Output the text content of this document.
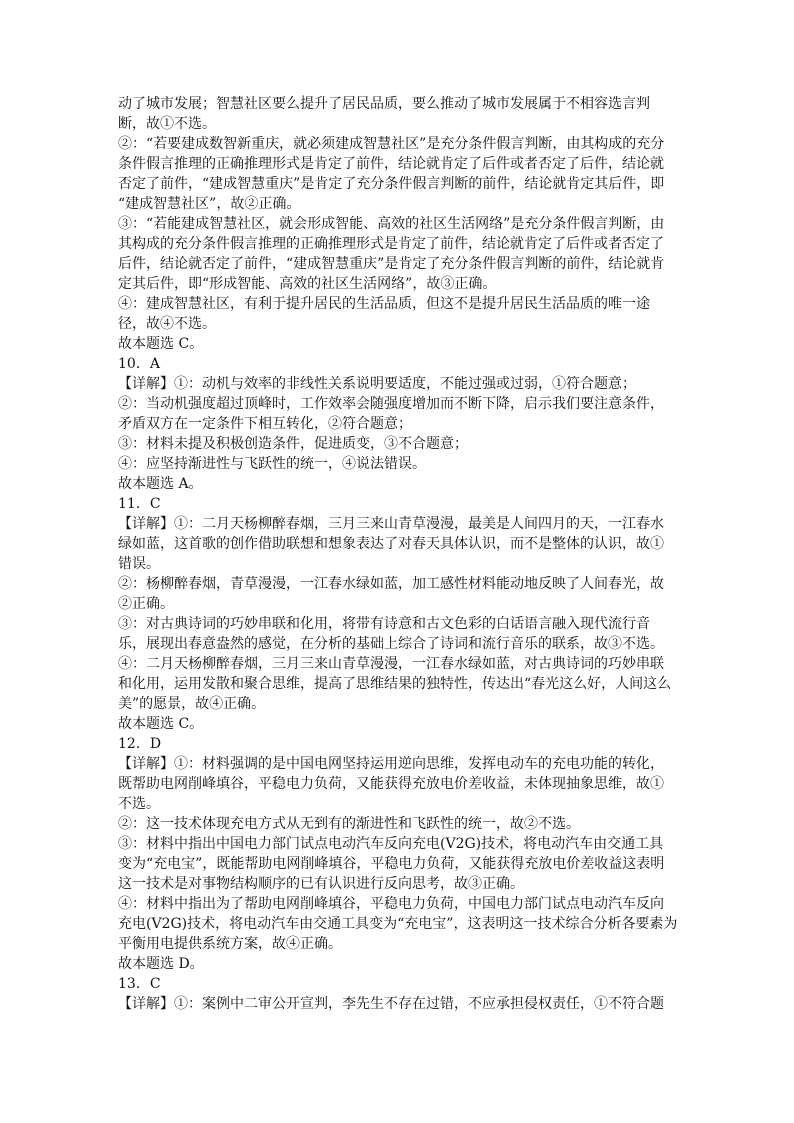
动了城市发展；智慧社区要么提升了居民品质，要么推动了城市发展属于不相容选言判
断，故①不选。
②：“若要建成数智新重庆，就必须建成智慧社区”是充分条件假言判断，由其构成的充分
条件假言推理的正确推理形式是肯定了前件，结论就肯定了后件或者否定了后件，结论就
否定了前件，“建成智慧重庆”是肯定了充分条件假言判断的前件，结论就肯定其后件，即
“建成智慧社区”，故②正确。
③：“若能建成智慧社区，就会形成智能、高效的社区生活网络”是充分条件假言判断，由
其构成的充分条件假言推理的正确推理形式是肯定了前件，结论就肯定了后件或者否定了
后件，结论就否定了前件，“建成智慧重庆”是肯定了充分条件假言判断的前件，结论就肯
定其后件，即“形成智能、高效的社区生活网络”，故③正确。
④：建成智慧社区，有利于提升居民的生活品质，但这不是提升居民生活品质的唯一途
径，故④不选。
故本题选 C。
10．A
【详解】①：动机与效率的非线性关系说明要适度，不能过强或过弱，①符合题意；
②：当动机强度超过顶峰时，工作效率会随强度增加而不断下降，启示我们要注意条件，
矛盾双方在一定条件下相互转化，②符合题意；
③：材料未提及积极创造条件，促进质变，③不合题意；
④：应坚持渐进性与飞跃性的统一，④说法错误。
故本题选 A。
11．C
【详解】①：二月天杨柳醉春烟，三月三来山青草漫漫，最美是人间四月的天，一江春水
绿如蓝，这首歌的创作借助联想和想象表达了对春天具体认识，而不是整体的认识，故①
错误。
②：杨柳醉春烟，青草漫漫，一江春水绿如蓝，加工感性材料能动地反映了人间春光，故
②正确。
③：对古典诗词的巧妙串联和化用，将带有诗意和古文色彩的白话语言融入现代流行音
乐，展现出春意盎然的感觉，在分析的基础上综合了诗词和流行音乐的联系，故③不选。
④：二月天杨柳醉春烟，三月三来山青草漫漫，一江春水绿如蓝，对古典诗词的巧妙串联
和化用，运用发散和聚合思维，提高了思维结果的独特性，传达出“春光这么好，人间这么
美”的愿景，故④正确。
故本题选 C。
12．D
【详解】①：材料强调的是中国电网坚持运用逆向思维，发挥电动车的充电功能的转化，
既帮助电网削峰填谷，平稳电力负荷，又能获得充放电价差收益，未体现抽象思维，故①
不选。
②：这一技术体现充电方式从无到有的渐进性和飞跃性的统一，故②不选。
③：材料中指出中国电力部门试点电动汽车反向充电(V2G)技术，将电动汽车由交通工具
变为“充电宝”，既能帮助电网削峰填谷，平稳电力负荷，又能获得充放电价差收益这表明
这一技术是对事物结构顺序的已有认识进行反向思考，故③正确。
④：材料中指出为了帮助电网削峰填谷，平稳电力负荷，中国电力部门试点电动汽车反向
充电(V2G)技术，将电动汽车由交通工具变为“充电宝”，这表明这一技术综合分析各要素为
平衡用电提供系统方案，故④正确。
故本题选 D。
13．C
【详解】①：案例中二审公开宣判，李先生不存在过错，不应承担侵权责任，①不符合题
